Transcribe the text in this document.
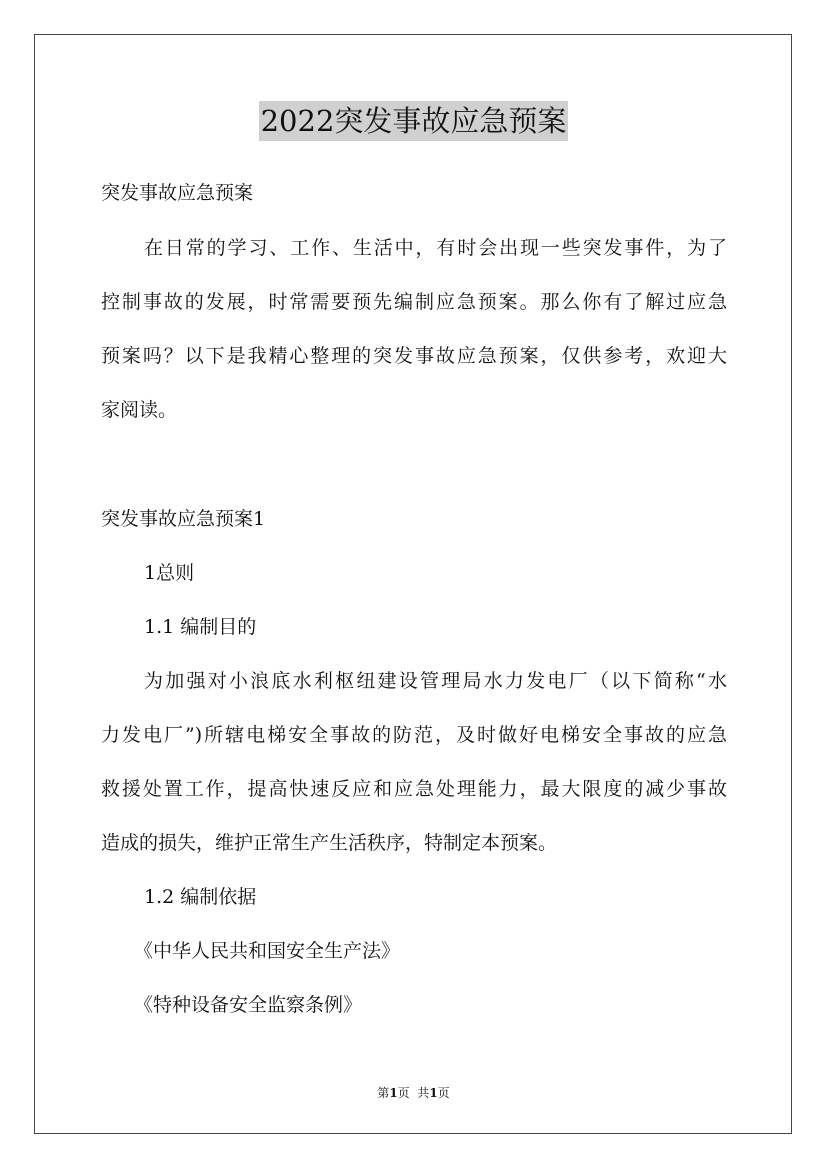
2022突发事故应急预案
突发事故应急预案
在日常的学习、工作、生活中，有时会出现一些突发事件，为了
控制事故的发展，时常需要预先编制应急预案。那么你有了解过应急
预案吗？以下是我精心整理的突发事故应急预案，仅供参考，欢迎大
家阅读。
突发事故应急预案1
1总则
1.1 编制目的
为加强对小浪底水利枢纽建设管理局水力发电厂（以下简称“水
力发电厂”)所辖电梯安全事故的防范，及时做好电梯安全事故的应急
救援处置工作，提高快速反应和应急处理能力，最大限度的减少事故
造成的损失，维护正常生产生活秩序，特制定本预案。
1.2 编制依据
《中华人民共和国安全生产法》
《特种设备安全监察条例》
第1页  共1页
